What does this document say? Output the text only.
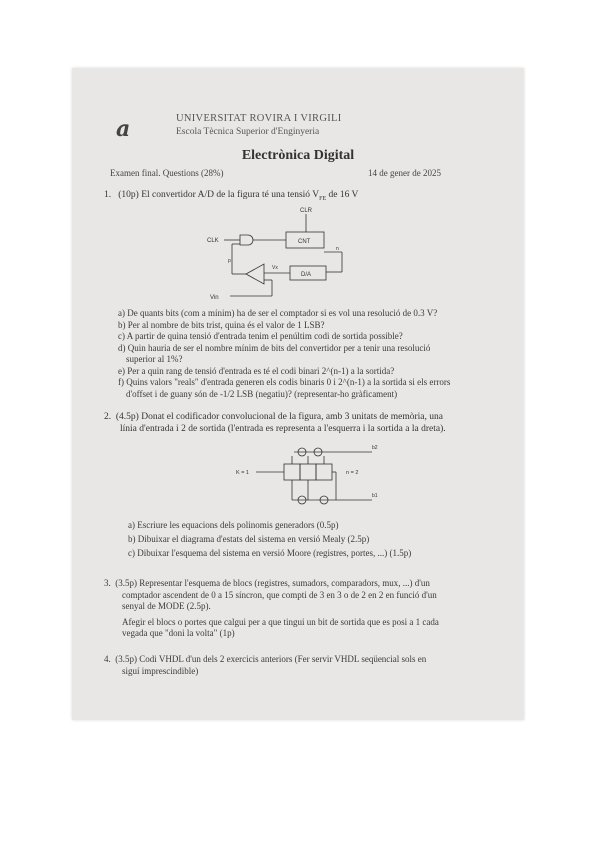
a	UNIVERSITAT ROVIRA I VIRGILI
Escola Tècnica Superior d'Enginyeria
Electrònica Digital
Examen final. Questions (28%)	14 de gener de 2025
1. (10p) El convertidor A/D de la figura té una tensió $V_{FE}$ de 16 V
CLR
CLK	CNT
n
D/A
Vx
Vin
p
a) De quants bits (com a mínim) ha de ser el comptador si es vol una resolució de 0.3 V?
b) Per al nombre de bits trist, quina és el valor de 1 LSB?
c) A partir de quina tensió d'entrada tenim el penúltim codi de sortida possible?
d) Quin hauria de ser el nombre mínim de bits del convertidor per a tenir una resolució
superior al 1%?
e) Per a quin rang de tensió d'entrada es té el codi binari 2^(n-1) a la sortida?
f) Quins valors "reals" d'entrada generen els codis binaris 0 i 2^(n-1) a la sortida si els errors
d'offset i de guany són de -1/2 LSB (negatiu)? (representar-ho gràficament)
2. (4.5p) Donat el codificador convolucional de la figura, amb 3 unitats de memòria, una
línia d'entrada i 2 de sortida (l'entrada es representa a l'esquerra i la sortida a la dreta).
b2
K = 1	n = 2
b1
a) Escriure les equacions dels polinomis generadors (0.5p)
b) Dibuixar el diagrama d'estats del sistema en versió Mealy (2.5p)
c) Dibuixar l'esquema del sistema en versió Moore (registres, portes, ...) (1.5p)
3. (3.5p) Representar l'esquema de blocs (registres, sumadors, comparadors, mux, ...) d'un
comptador ascendent de 0 a 15 síncron, que compti de 3 en 3 o de 2 en 2 en funció d'un
senyal de MODE (2.5p).
Afegir el blocs o portes que calgui per a que tingui un bit de sortida que es posi a 1 cada
vegada que "doni la volta" (1p)
4. (3.5p) Codi VHDL d'un dels 2 exercicis anteriors (Fer servir VHDL seqüencial sols en
siguí imprescindible)
